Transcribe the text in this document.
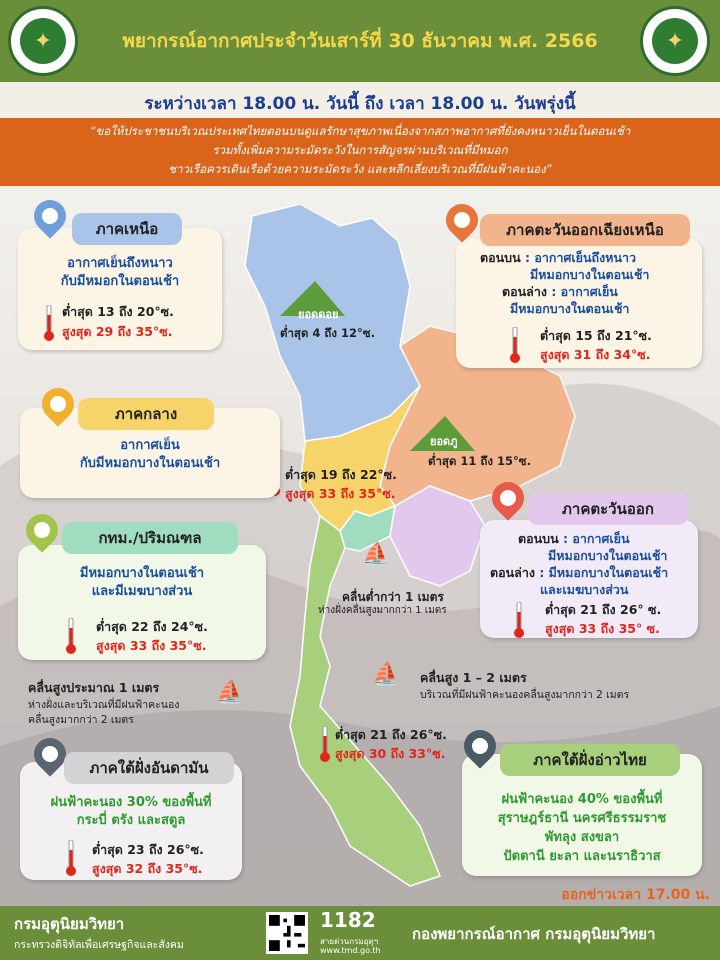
✦	พยากรณ์อากาศประจำวันเสาร์ที่ 30 ธันวาคม พ.ศ. 2566	✦
ระหว่างเวลา 18.00 น. วันนี้ ถึง เวลา 18.00 น. วันพรุ่งนี้
“ขอให้ประชาชนบริเวณประเทศไทยตอนบนดูแลรักษาสุขภาพเนื่องจากสภาพอากาศที่ยังคงหนาวเย็นในตอนเช้า
รวมทั้งเพิ่มความระมัดระวังในการสัญจรผ่านบริเวณที่มีหมอก
ชาวเรือควรเดินเรือด้วยความระมัดระวัง และหลีกเลี่ยงบริเวณที่มีฝนฟ้าคะนอง”
ยอดดอย
ต่ำสุด 4 ถึง 12°ซ.
ยอดภู
ต่ำสุด 11 ถึง 15°ซ.
ต่ำสุด 19 ถึง 22°ซ.
สูงสุด 33 ถึง 35°ซ.
ต่ำสุด 21 ถึง 26°ซ.
สูงสุด 30 ถึง 33°ซ.
ภาคเหนือ
อากาศเย็นถึงหนาว
กับมีหมอกในตอนเช้า
ต่ำสุด 13 ถึง 20°ซ.
สูงสุด 29 ถึง 35°ซ.
ภาคตะวันออกเฉียงเหนือ
ตอนบน : อากาศเย็นถึงหนาว
มีหมอกบางในตอนเช้า
ตอนล่าง : อากาศเย็น
มีหมอกบางในตอนเช้า
ต่ำสุด 15 ถึง 21°ซ.
สูงสุด 31 ถึง 34°ซ.
ภาคกลาง
อากาศเย็น
กับมีหมอกบางในตอนเช้า
ภาคตะวันออก
ตอนบน : อากาศเย็น
มีหมอกบางในตอนเช้า
ตอนล่าง : มีหมอกบางในตอนเช้า
และเมฆบางส่วน
ต่ำสุด 21 ถึง 26° ซ.
สูงสุด 33 ถึง 35° ซ.
กทม./ปริมณฑล
มีหมอกบางในตอนเช้า
และมีเมฆบางส่วน
ต่ำสุด 22 ถึง 24°ซ.
สูงสุด 33 ถึง 35°ซ.
⛵
คลื่นต่ำกว่า 1 เมตร
ห่างฝั่งคลื่นสูงมากกว่า 1 เมตร
⛵ คลื่นสูง 1 – 2 เมตร
บริเวณที่มีฝนฟ้าคะนองคลื่นสูงมากกว่า 2 เมตร
⛵
คลื่นสูงประมาณ 1 เมตร
ห่างฝั่งและบริเวณที่มีฝนฟ้าคะนอง
คลื่นสูงมากกว่า 2 เมตร
ภาคใต้ฝั่งอันดามัน
ฝนฟ้าคะนอง 30% ของพื้นที่
กระบี่ ตรัง และสตูล
ต่ำสุด 23 ถึง 26°ซ.
สูงสุด 32 ถึง 35°ซ.
ภาคใต้ฝั่งอ่าวไทย
ฝนฟ้าคะนอง 40% ของพื้นที่
สุราษฎร์ธานี นครศรีธรรมราช
พัทลุง สงขลา
ปัตตานี ยะลา และนราธิวาส
ออกข่าวเวลา 17.00 น.
กรมอุตุนิยมวิทยา
กระทรวงดิจิทัลเพื่อเศรษฐกิจและสังคม
1182
สายด่วนกรมอุตุฯ
www.tmd.go.th
กองพยากรณ์อากาศ กรมอุตุนิยมวิทยา
